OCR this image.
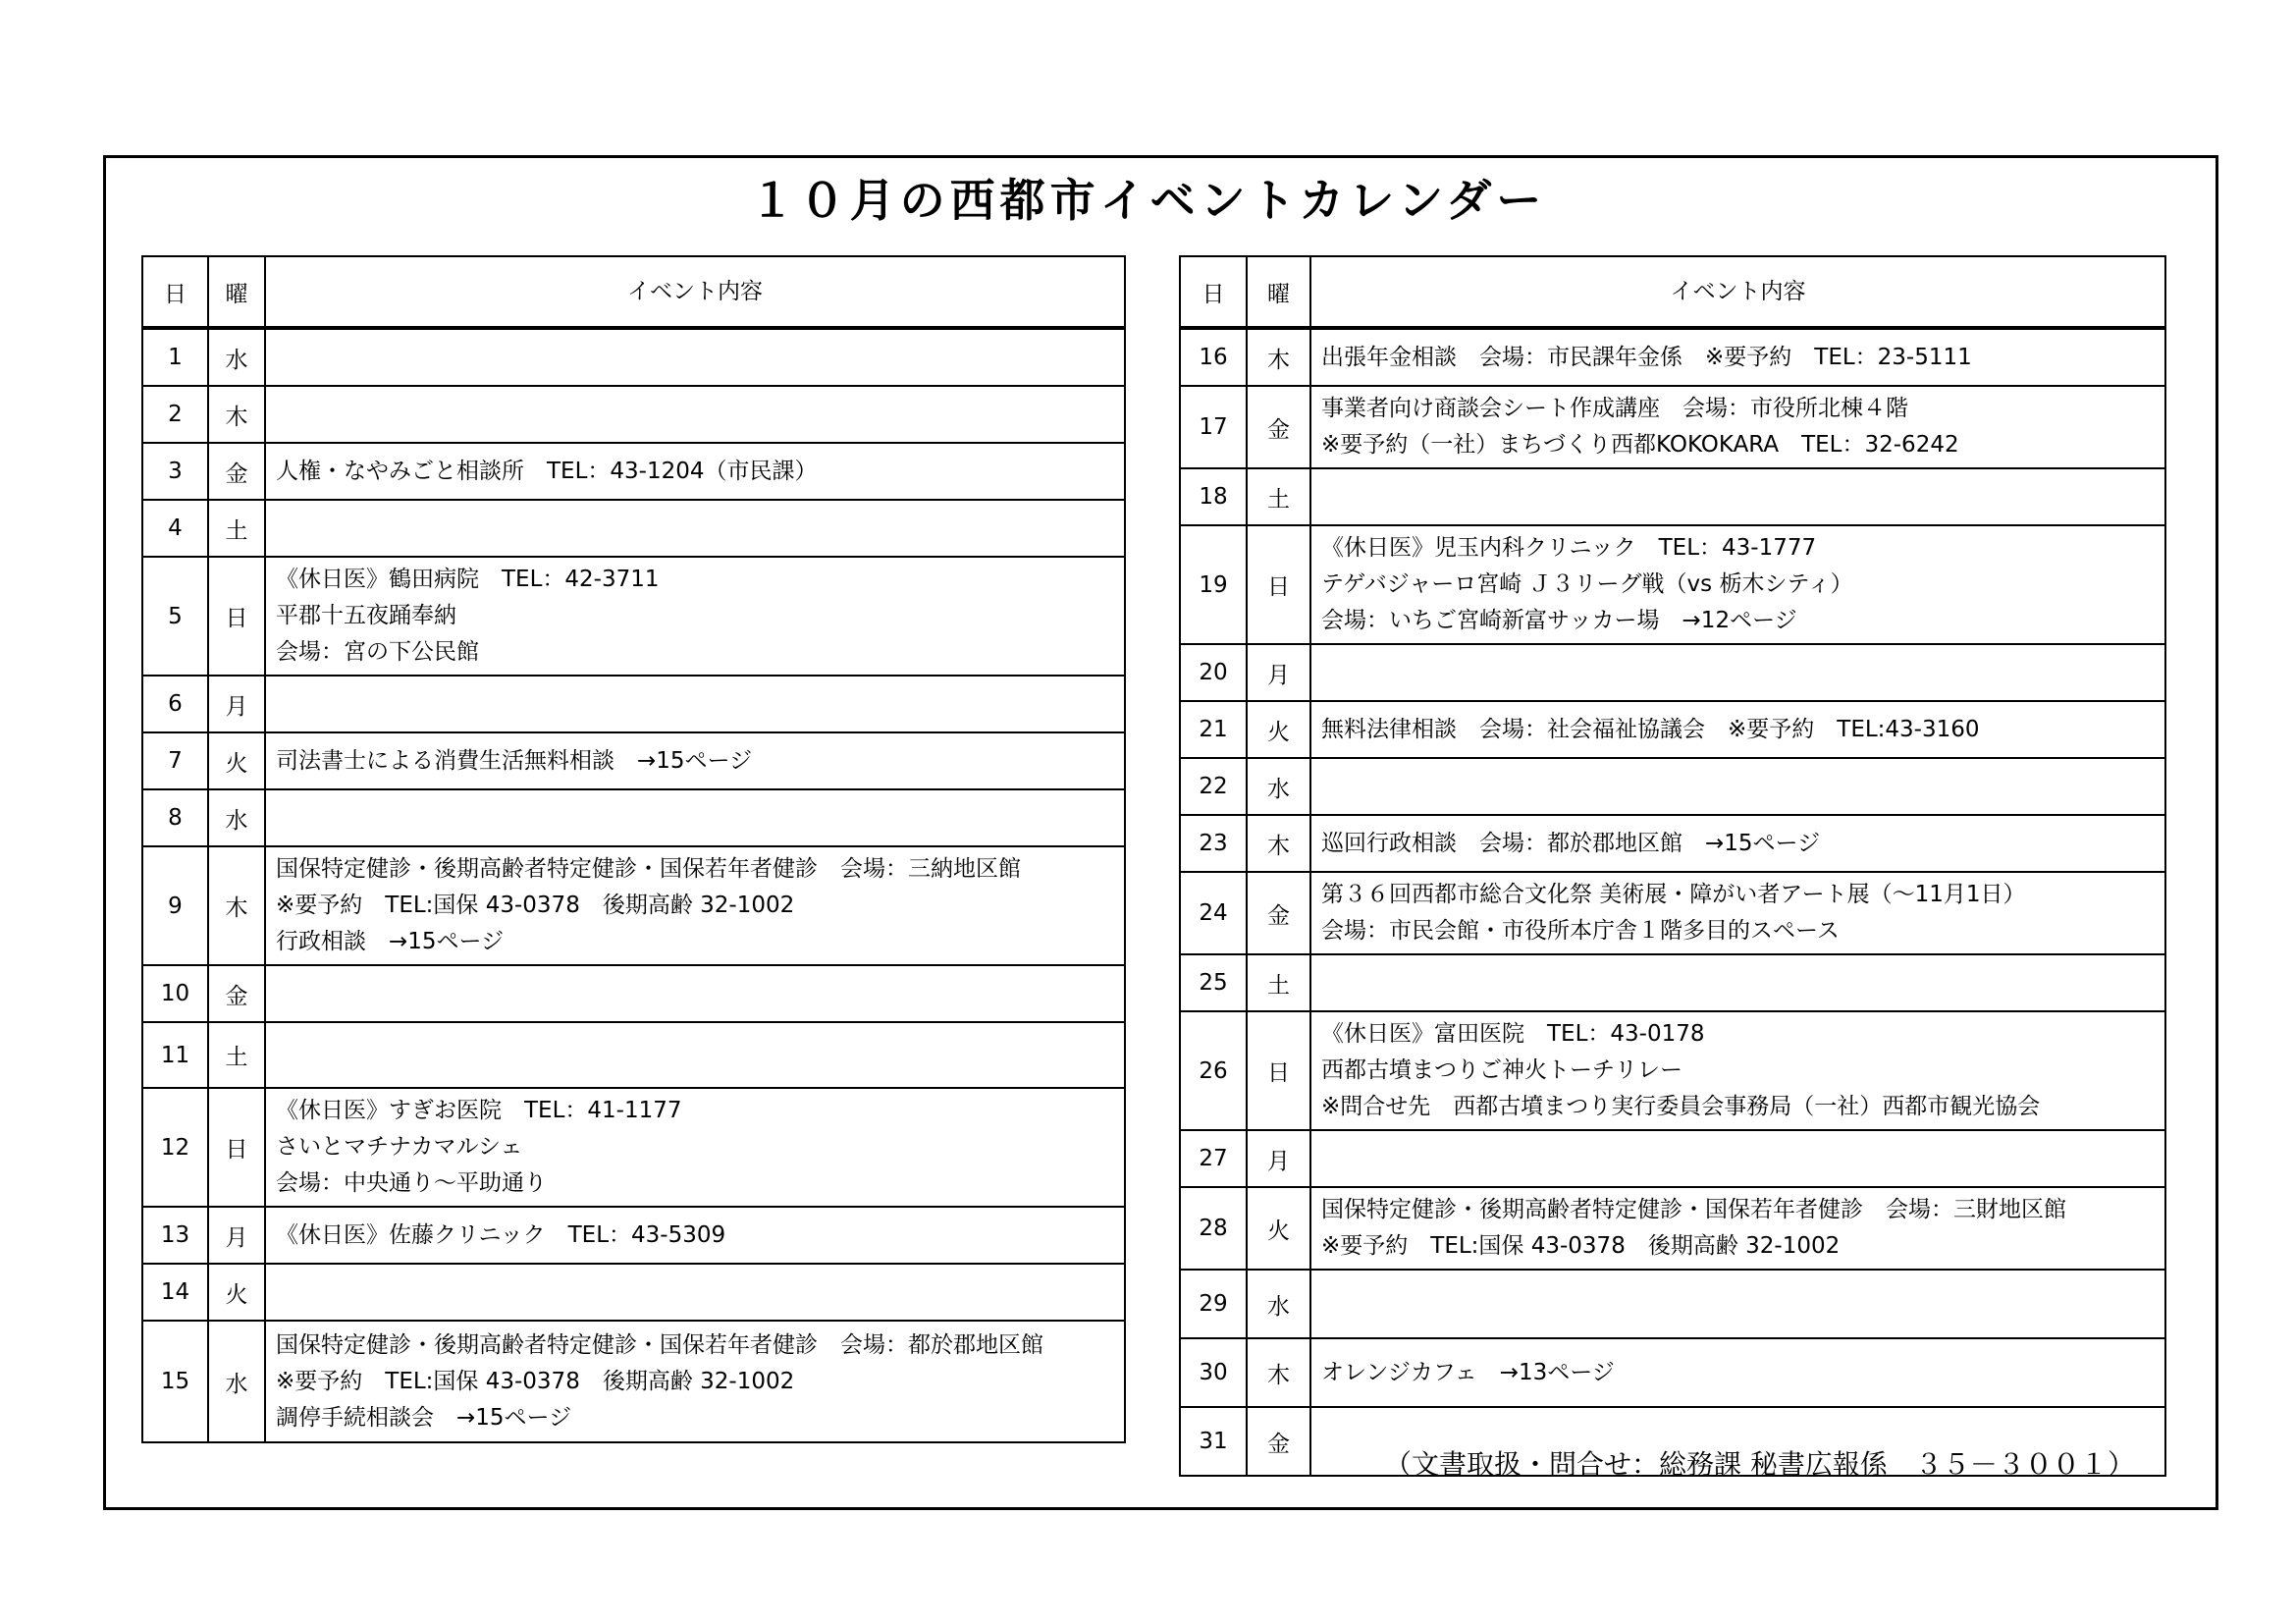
１０月の西都市イベントカレンダー
日	曜	イベント内容
1	水	
2	木	
3	金	人権・なやみごと相談所　TEL：43-1204（市民課）

4	土	
5	日	《休日医》鶴田病院　TEL：42-3711
平郡十五夜踊奉納
会場：宮の下公民館

6	月	
7	火	司法書士による消費生活無料相談　→15ページ

8	水	
9	木	国保特定健診・後期高齢者特定健診・国保若年者健診　会場：三納地区館
※要予約　TEL:国保 43-0378　後期高齢 32-1002
行政相談　→15ページ

10	金	
11	土	
12	日	《休日医》すぎお医院　TEL：41-1177
さいとマチナカマルシェ
会場：中央通り～平助通り

13	月	《休日医》佐藤クリニック　TEL：43-5309

14	火	
15	水	国保特定健診・後期高齢者特定健診・国保若年者健診　会場：都於郡地区館
※要予約　TEL:国保 43-0378　後期高齢 32-1002
調停手続相談会　→15ページ
日	曜	イベント内容
16	木	出張年金相談　会場：市民課年金係　※要予約　TEL：23-5111

17	金	事業者向け商談会シート作成講座　会場：市役所北棟４階
※要予約（一社）まちづくり西都KOKOKARA　TEL：32-6242

18	土	
19	日	《休日医》児玉内科クリニック　TEL：43-1777
テゲバジャーロ宮崎 Ｊ３リーグ戦（vs 栃木シティ）
会場：いちご宮崎新富サッカー場　→12ページ

20	月	
21	火	無料法律相談　会場：社会福祉協議会　※要予約　TEL:43-3160

22	水	
23	木	巡回行政相談　会場：都於郡地区館　→15ページ

24	金	第３６回西都市総合文化祭 美術展・障がい者アート展（～11月1日）
会場：市民会館・市役所本庁舎１階多目的スペース

25	土	
26	日	《休日医》富田医院　TEL：43-0178
西都古墳まつりご神火トーチリレー
※問合せ先　西都古墳まつり実行委員会事務局（一社）西都市観光協会

27	月	
28	火	国保特定健診・後期高齢者特定健診・国保若年者健診　会場：三財地区館
※要予約　TEL:国保 43-0378　後期高齢 32-1002

29	水	
30	木	オレンジカフェ　→13ページ

31	金	
（文書取扱・問合せ：総務課 秘書広報係　３５－３００１）
